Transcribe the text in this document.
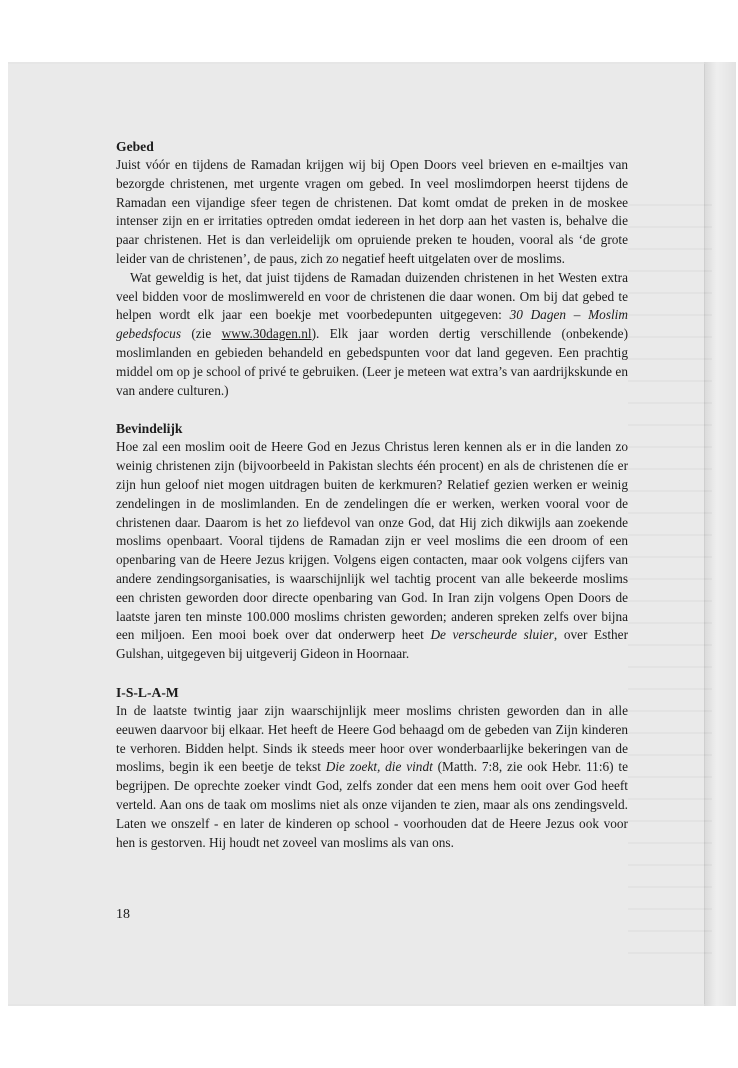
Gebed

Juist vóór en tijdens de Ramadan krijgen wij bij Open Doors veel brieven en e-mailtjes van bezorgde christenen, met urgente vragen om gebed. In veel moslimdorpen heerst tijdens de Ramadan een vijandige sfeer tegen de christenen. Dat komt omdat de preken in de moskee intenser zijn en er irritaties optreden omdat iedereen in het dorp aan het vasten is, behalve die paar christenen. Het is dan verleidelijk om opruiende preken te houden, vooral als ‘de grote leider van de christenen’, de paus, zich zo negatief heeft uitgelaten over de moslims.

Wat geweldig is het, dat juist tijdens de Ramadan duizenden christenen in het Westen extra veel bidden voor de moslimwereld en voor de christenen die daar wonen. Om bij dat gebed te helpen wordt elk jaar een boekje met voorbedepunten uitgegeven: 30 Dagen – Moslim gebedsfocus (zie www.30dagen.nl). Elk jaar worden dertig verschillende (onbekende) moslimlanden en gebieden behandeld en gebedspunten voor dat land gegeven. Een prachtig middel om op je school of privé te gebruiken. (Leer je meteen wat extra’s van aardrijkskunde en van andere culturen.)

Bevindelijk

Hoe zal een moslim ooit de Heere God en Jezus Christus leren kennen als er in die landen zo weinig christenen zijn (bijvoorbeeld in Pakistan slechts één procent) en als de christenen díe er zijn hun geloof niet mogen uitdragen buiten de kerkmuren? Relatief gezien werken er weinig zendelingen in de moslimlanden. En de zendelingen díe er werken, werken vooral voor de christenen daar. Daarom is het zo liefdevol van onze God, dat Hij zich dikwijls aan zoekende moslims openbaart. Vooral tijdens de Ramadan zijn er veel moslims die een droom of een openbaring van de Heere Jezus krijgen. Volgens eigen contacten, maar ook volgens cijfers van andere zendingsorganisaties, is waarschijnlijk wel tachtig procent van alle bekeerde moslims een christen geworden door directe openbaring van God. In Iran zijn volgens Open Doors de laatste jaren ten minste 100.000 moslims christen geworden; anderen spreken zelfs over bijna een miljoen. Een mooi boek over dat onderwerp heet De verscheurde sluier, over Esther Gulshan, uitgegeven bij uitgeverij Gideon in Hoornaar.

I-S-L-A-M

In de laatste twintig jaar zijn waarschijnlijk meer moslims christen geworden dan in alle eeuwen daarvoor bij elkaar. Het heeft de Heere God behaagd om de gebeden van Zijn kinderen te verhoren. Bidden helpt. Sinds ik steeds meer hoor over wonderbaarlijke bekeringen van de moslims, begin ik een beetje de tekst Die zoekt, die vindt (Matth. 7:8, zie ook Hebr. 11:6) te begrijpen. De oprechte zoeker vindt God, zelfs zonder dat een mens hem ooit over God heeft verteld. Aan ons de taak om moslims niet als onze vijanden te zien, maar als ons zendingsveld. Laten we onszelf - en later de kinderen op school - voorhouden dat de Heere Jezus ook voor hen is gestorven. Hij houdt net zoveel van moslims als van ons.

18
